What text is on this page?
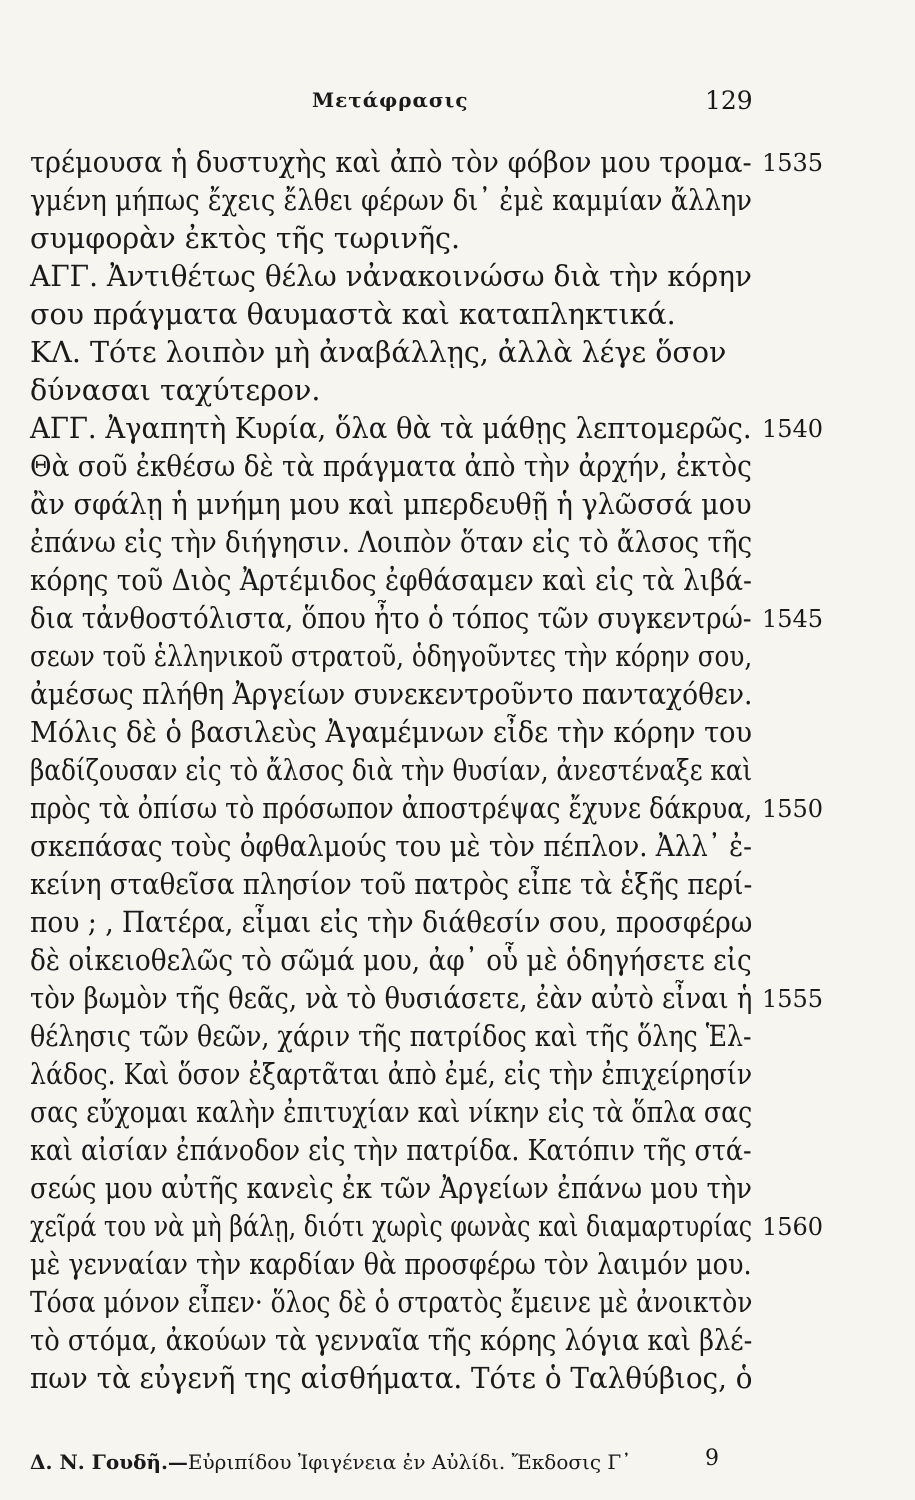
Μετάφρασις	129
τρέμουσα ἡ δυστυχὴς καὶ ἀπὸ τὸν φόβον μου τρομα-
γμένη μήπως ἔχεις ἔλθει φέρων δι᾽ ἐμὲ καμμίαν ἄλλην
συμφορὰν ἐκτὸς τῆς τωρινῆς.
ΑΓΓ. Ἀντιθέτως θέλω νἀνακοινώσω διὰ τὴν κόρην
σου πράγματα θαυμαστὰ καὶ καταπληκτικά.
ΚΛ. Τότε λοιπὸν μὴ ἀναβάλλῃς, ἀλλὰ λέγε ὅσον
δύνασαι ταχύτερον.
ΑΓΓ. Ἀγαπητὴ Κυρία, ὅλα θὰ τὰ μάθῃς λεπτομερῶς.
Θὰ σοῦ ἐκθέσω δὲ τὰ πράγματα ἀπὸ τὴν ἀρχήν, ἐκτὸς
ἂν σφάλῃ ἡ μνήμη μου καὶ μπερδευθῇ ἡ γλῶσσά μου
ἐπάνω εἰς τὴν διήγησιν. Λοιπὸν ὅταν εἰς τὸ ἄλσος τῆς
κόρης τοῦ Διὸς Ἀρτέμιδος ἐφθάσαμεν καὶ εἰς τὰ λιβά-
δια τἀνθοστόλιστα, ὅπου ἦτο ὁ τόπος τῶν συγκεντρώ-
σεων τοῦ ἑλληνικοῦ στρατοῦ, ὁδηγοῦντες τὴν κόρην σου,
ἀμέσως πλήθη Ἀργείων συνεκεντροῦντο πανταχόθεν.
Μόλις δὲ ὁ βασιλεὺς Ἀγαμέμνων εἶδε τὴν κόρην του
βαδίζουσαν εἰς τὸ ἄλσος διὰ τὴν θυσίαν, ἀνεστέναξε καὶ
πρὸς τὰ ὀπίσω τὸ πρόσωπον ἀποστρέψας ἔχυνε δάκρυα,
σκεπάσας τοὺς ὀφθαλμούς του μὲ τὸν πέπλον. Ἀλλ᾽ ἐ-
κείνη σταθεῖσα πλησίον τοῦ πατρὸς εἶπε τὰ ἑξῆς περί-
που ; , Πατέρα, εἶμαι εἰς τὴν διάθεσίν σου, προσφέρω
δὲ οἰκειοθελῶς τὸ σῶμά μου, ἀφ᾽ οὗ μὲ ὁδηγήσετε εἰς
τὸν βωμὸν τῆς θεᾶς, νὰ τὸ θυσιάσετε, ἐὰν αὐτὸ εἶναι ἡ
θέλησις τῶν θεῶν, χάριν τῆς πατρίδος καὶ τῆς ὅλης Ἑλ-
λάδος. Καὶ ὅσον ἐξαρτᾶται ἀπὸ ἐμέ, εἰς τὴν ἐπιχείρησίν
σας εὔχομαι καλὴν ἐπιτυχίαν καὶ νίκην εἰς τὰ ὅπλα σας
καὶ αἰσίαν ἐπάνοδον εἰς τὴν πατρίδα. Κατόπιν τῆς στά-
σεώς μου αὐτῆς κανεὶς ἐκ τῶν Ἀργείων ἐπάνω μου τὴν
χεῖρά του νὰ μὴ βάλῃ, διότι χωρὶς φωνὰς καὶ διαμαρτυρίας
μὲ γενναίαν τὴν καρδίαν θὰ προσφέρω τὸν λαιμόν μου.
Τόσα μόνον εἶπεν· ὅλος δὲ ὁ στρατὸς ἔμεινε μὲ ἀνοικτὸν
τὸ στόμα, ἀκούων τὰ γενναῖα τῆς κόρης λόγια καὶ βλέ-
πων τὰ εὐγενῆ της αἰσθήματα. Τότε ὁ Ταλθύβιος, ὁ
1535
1540
1545
1550
1555
1560
Δ. Ν. Γουδῆ.—Εὐριπίδου Ἰφιγένεια ἐν Αὐλίδι. Ἔκδοσις Γ᾽	9
